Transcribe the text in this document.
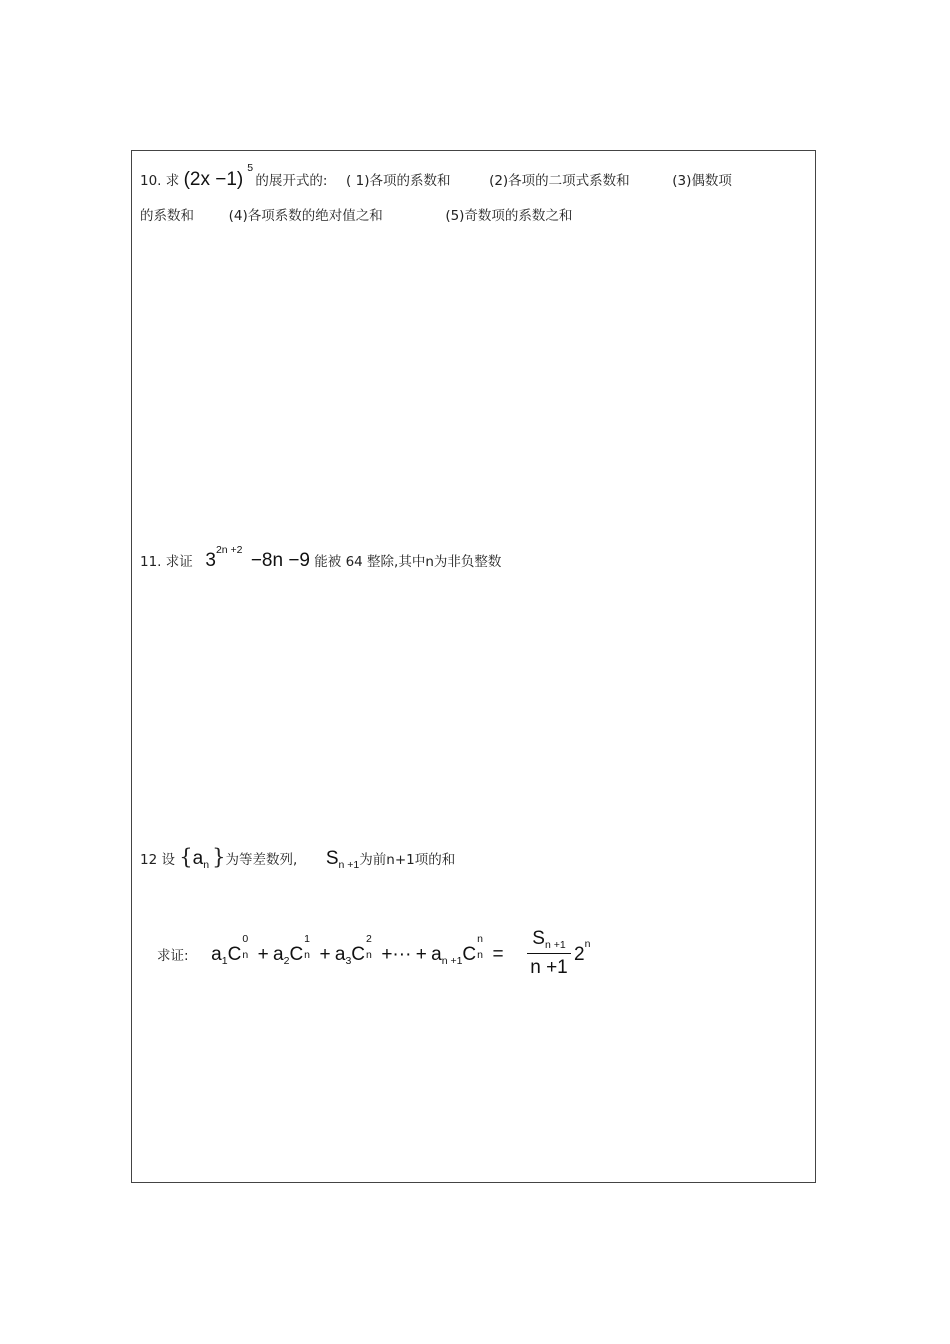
10. 求 $(2x -1)^5$ 的展开式的: ( 1)各项的系数和	(2)各项的二项式系数和	(3)偶数项
的系数和	(4)各项系数的绝对值之和	(5)奇数项的系数之和
11. 求证 $3^{2n +2} -8n -9$ 能被 64 整除,其中n为非负整数
12 设 {$a_n$ }为等差数列, $S_{n +1}$为前n+1项的和
求证: $a_1C$
0
$n + a_2C$
1
$n + a_3C$
2
n +··· + $a_{n +1}C$
n
n =
$S_{n +1}$
n +1
2$^n$
